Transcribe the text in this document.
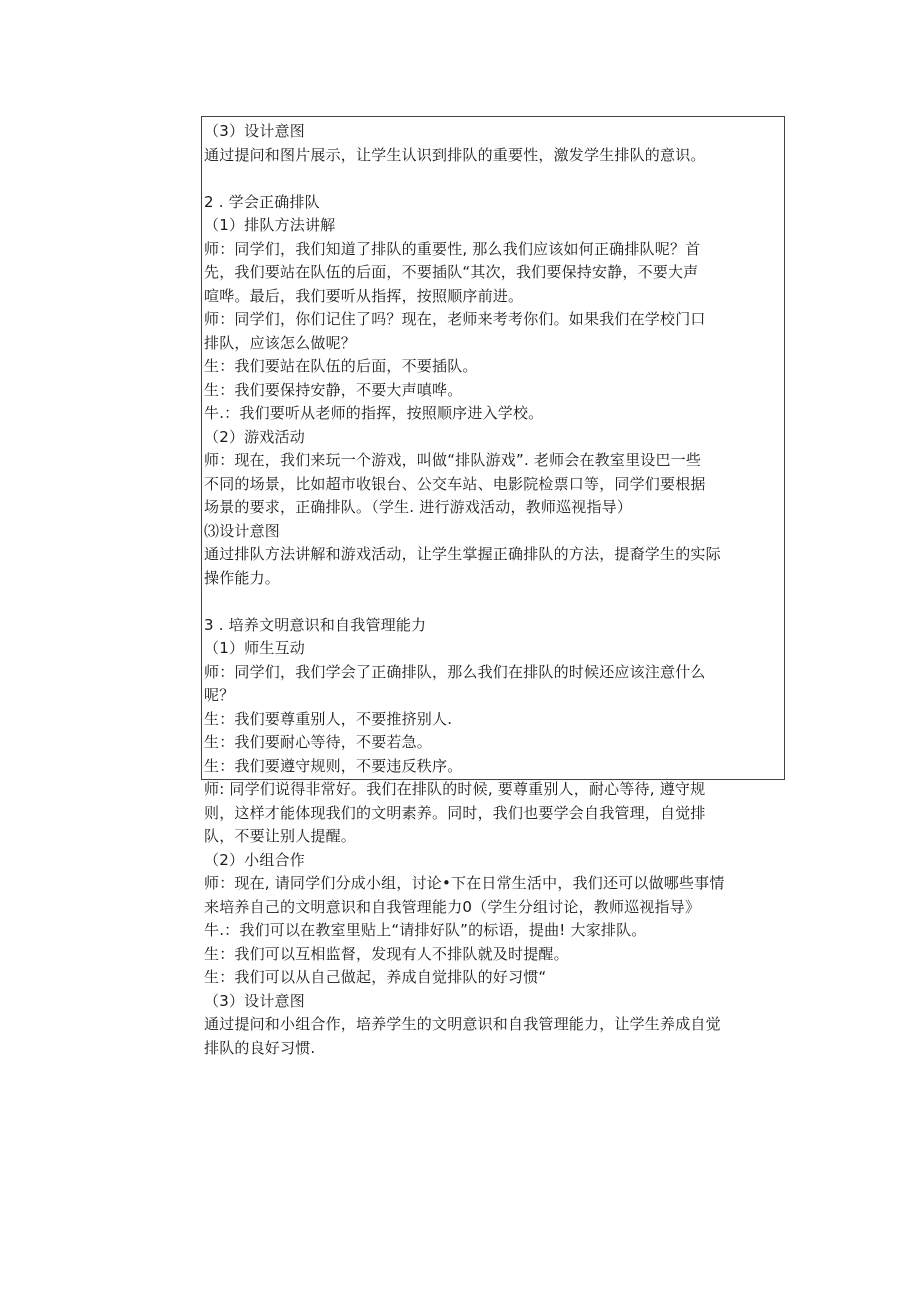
（3）设计意图
通过提问和图片展示，让学生认识到排队的重要性，激发学生排队的意识。
2 . 学会正确排队
（1）排队方法讲解
师：同学们，我们知道了排队的重要性, 那么我们应该如何正确排队呢？首
先，我们要站在队伍的后面，不要插队“其次，我们要保持安静，不要大声
喧哗。最后，我们要听从指挥，按照顺序前进。
师：同学们，你们记住了吗？现在，老师来考考你们。如果我们在学校门口
排队，应该怎么做呢？
生：我们要站在队伍的后面，不要插队。
生：我们要保持安静，不要大声嗔哗。
牛.：我们要听从老师的指挥，按照顺序进入学校。
（2）游戏活动
师：现在，我们来玩一个游戏，叫做“排队游戏”. 老师会在教室里设巴一些
不同的场景，比如超市收银台、公交车站、电影院检票口等，同学们要根据
场景的要求，正确排队。（学生. 进行游戏活动，教师巡视指导）
⑶设计意图
通过排队方法讲解和游戏活动，让学生掌握正确排队的方法，提裔学生的实际
操作能力。
3 . 培养文明意识和自我管理能力
（1）师生互动
师：同学们，我们学会了正确排队，那么我们在排队的时候还应该注意什么
呢？
生：我们要尊重别人，不要推挤别人.
生：我们要耐心等待，不要若急。
生：我们要遵守规则，不要违反秩序。
师: 同学们说得非常好。我们在排队的时候, 要尊重别人，耐心等待, 遵守规
则，这样才能体现我们的文明素养。同时，我们也要学会自我管理，自觉排
队，不要让别人提醒。
（2）小组合作
师：现在, 请同学们分成小组，讨论•下在日常生活中，我们还可以做哪些事情
来培养自己的文明意识和自我管理能力0（学生分组讨论，教师巡视指导》
牛.：我们可以在教室里贴上“请排好队”的标语，提曲! 大家排队。
生：我们可以互相监督，发现有人不排队就及时提醒。
生：我们可以从自己做起，养成自觉排队的好习惯“
（3）设计意图
通过提问和小组合作，培养学生的文明意识和自我管理能力，让学生养成自觉
排队的良好习惯.
